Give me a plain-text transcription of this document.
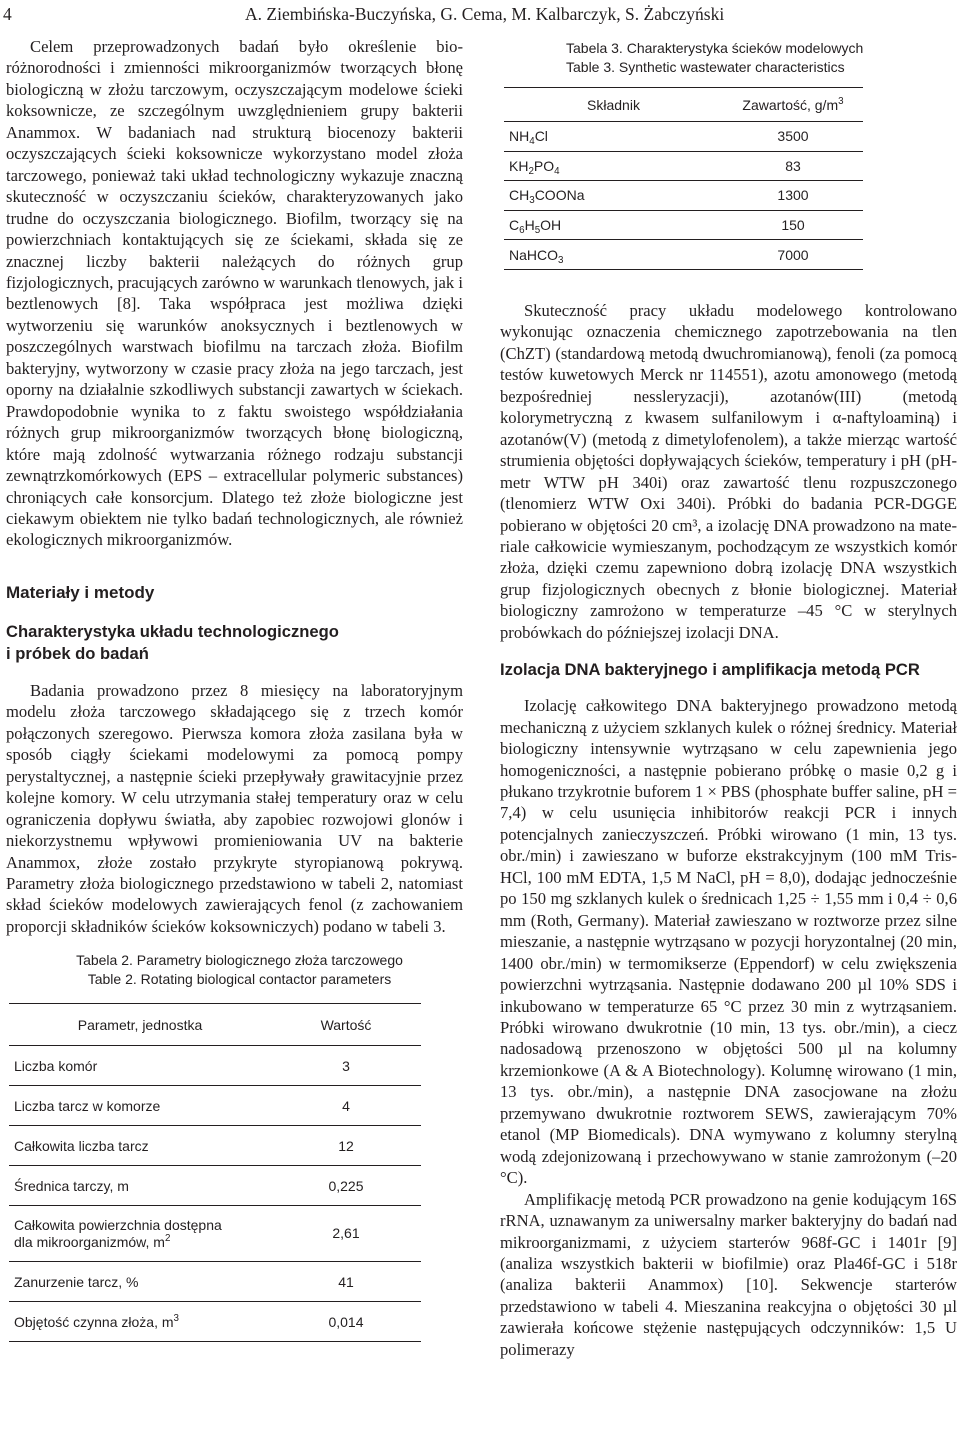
4	A. Ziembińska-Buczyńska, G. Cema, M. Kalbarczyk, S. Żabczyński

Celem przeprowadzonych badań było określenie bioróżnorodności i zmienności mikroorganizmów tworzących błonę biologiczną w złożu tarczowym, oczyszczającym modelowe ścieki koksownicze, ze szczególnym uwzględnieniem grupy bakterii Anammox. W badaniach nad strukturą biocenozy bakterii oczyszczających ścieki koksownicze wykorzystano model złoża tarczowego, ponieważ taki układ technologiczny wykazuje znaczną skuteczność w oczyszczaniu ścieków, charakteryzowanych jako trudne do oczyszczania biologicznego. Biofilm, tworzący się na powierzchniach kontaktujących się ze ściekami, składa się ze znacznej liczby bakterii należących do różnych grup fizjologicznych, pracujących zarówno w warunkach tlenowych, jak i beztlenowych [8]. Taka współpraca jest możliwa dzięki wytworzeniu się warunków anoksycznych i beztlenowych w poszczególnych warstwach biofilmu na tarczach złoża. Biofilm bakteryjny, wytworzony w czasie pracy złoża na jego tarczach, jest oporny na działalnie szkodliwych substancji zawartych w ściekach. Prawdopodobnie wynika to z faktu swoistego współdziałania różnych grup mikroorganizmów tworzących błonę biologiczną, które mają zdolność wytwarzania różnego rodzaju substancji zewnątrzkomórkowych (EPS – extracellular polymeric substances) chroniących całe konsorcjum. Dlatego też złoże biologiczne jest ciekawym obiektem nie tylko badań technologicznych, ale również ekologicznych mikroorganizmów.

Materiały i metody

Charakterystyka układu technologicznego

i próbek do badań

Badania prowadzono przez 8 miesięcy na laboratoryjnym modelu złoża tarczowego składającego się z trzech komór połączonych szeregowo. Pierwsza komora złoża zasilana była w sposób ciągły ściekami modelowymi za pomocą pompy perystaltycznej, a następnie ścieki przepływały grawitacyjnie przez kolejne komory. W celu utrzymania stałej temperatury oraz w celu ograniczenia dopływu światła, aby zapobiec rozwojowi glonów i niekorzystnemu wpływowi promieniowania UV na bakterie Anammox, złoże zostało przykryte styropianową pokrywą. Parametry złoża biologicznego przedstawiono w tabeli 2, natomiast skład ścieków modelowych zawierających fenol (z zachowaniem proporcji składników ścieków koksowniczych) podano w tabeli 3.

Tabela 2. Parametry biologicznego złoża tarczowego
Table 2. Rotating biological contactor parameters
Parametr, jednostka	Wartość
Liczba komór	3
Liczba tarcz w komorze	4
Całkowita liczba tarcz	12
Średnica tarczy, m	0,225
Całkowita powierzchnia dostępna
dla mikroorganizmów, $m^2$	2,61
Zanurzenie tarcz, %	41
Objętość czynna złoża, $m^3$	0,014
Tabela 3. Charakterystyka ścieków modelowych
Table 3. Synthetic wastewater characteristics
Składnik	Zawartość, $g/m^3$
$NH_4Cl$	3500
$KH_2PO_4$	83
$CH_3COONa$	1300
$C_6H_5OH$	150
NaHCO$_3$	7000

Skuteczność pracy układu modelowego kontrolowano wykonując oznaczenia chemicznego zapotrzebowania na tlen (ChZT) (standardową metodą dwuchromianową), fenoli (za pomocą testów kuwetowych Merck nr 114551), azotu amonowego (metodą bezpośredniej nessleryzacji), azotanów(III) (metodą kolorymetryczną z kwasem sulfanilowym i α-naftyloaminą) i azotanów(V) (metodą z dimetylofenolem), a także mierząc wartość strumienia objętości dopływających ścieków, temperatury i pH (pH-metr WTW pH 340i) oraz zawartość tlenu rozpuszczonego (tlenomierz WTW Oxi 340i). Próbki do badania PCR-DGGE pobierano w objętości 20 cm³, a izolację DNA prowadzono na materiale całkowicie wymieszanym, pochodzącym ze wszystkich komór złoża, dzięki czemu zapewniono dobrą izolację DNA wszystkich grup fizjologicznych obecnych z błonie biologicznej. Materiał biologiczny zamrożono w temperaturze –45 °C w sterylnych probówkach do późniejszej izolacji DNA.

Izolacja DNA bakteryjnego i amplifikacja metodą PCR

Izolację całkowitego DNA bakteryjnego prowadzono metodą mechaniczną z użyciem szklanych kulek o różnej średnicy. Materiał biologiczny intensywnie wytrząsano w celu zapewnienia jego homogeniczności, a następnie pobierano próbkę o masie 0,2 g i płukano trzykrotnie buforem 1 × PBS (phosphate buffer saline, pH = 7,4) w celu usunięcia inhibitorów reakcji PCR i innych potencjalnych zanieczyszczeń. Próbki wirowano (1 min, 13 tys. obr./min) i zawieszano w buforze ekstrakcyjnym (100 mM Tris-HCl, 100 mM EDTA, 1,5 M NaCl, pH = 8,0), dodając jednocześnie po 150 mg szklanych kulek o średnicach 1,25 ÷ 1,55 mm i 0,4 ÷ 0,6 mm (Roth, Germany). Materiał zawieszano w roztworze przez silne mieszanie, a następnie wytrząsano w pozycji horyzontalnej (20 min, 1400 obr./min) w termomikserze (Eppendorf) w celu zwiększenia powierzchni wytrząsania. Następnie dodawano 200 µl 10% SDS i inkubowano w temperaturze 65 °C przez 30 min z wytrząsaniem. Próbki wirowano dwukrotnie (10 min, 13 tys. obr./min), a ciecz nadosadową przenoszono w objętości 500 µl na kolumny krzemionkowe (A & A Biotechnology). Kolumnę wirowano (1 min, 13 tys. obr./min), a następnie DNA zasocjowane na złożu przemywano dwukrotnie roztworem SEWS, zawierającym 70% etanol (MP Biomedicals). DNA wymywano z kolumny sterylną wodą zdejonizowaną i przechowywano w stanie zamrożonym (–20 °C).

Amplifikację metodą PCR prowadzono na genie kodującym 16S rRNA, uznawanym za uniwersalny marker bakteryjny do badań nad mikroorganizmami, z użyciem starterów 968f-GC i 1401r [9] (analiza wszystkich bakterii w biofilmie) oraz Pla46f-GC i 518r (analiza bakterii Anammox) [10]. Sekwencje starterów przedstawiono w tabeli 4. Mieszanina reakcyjna o objętości 30 µl zawierała końcowe stężenie następujących odczynników: 1,5 U polimerazy
